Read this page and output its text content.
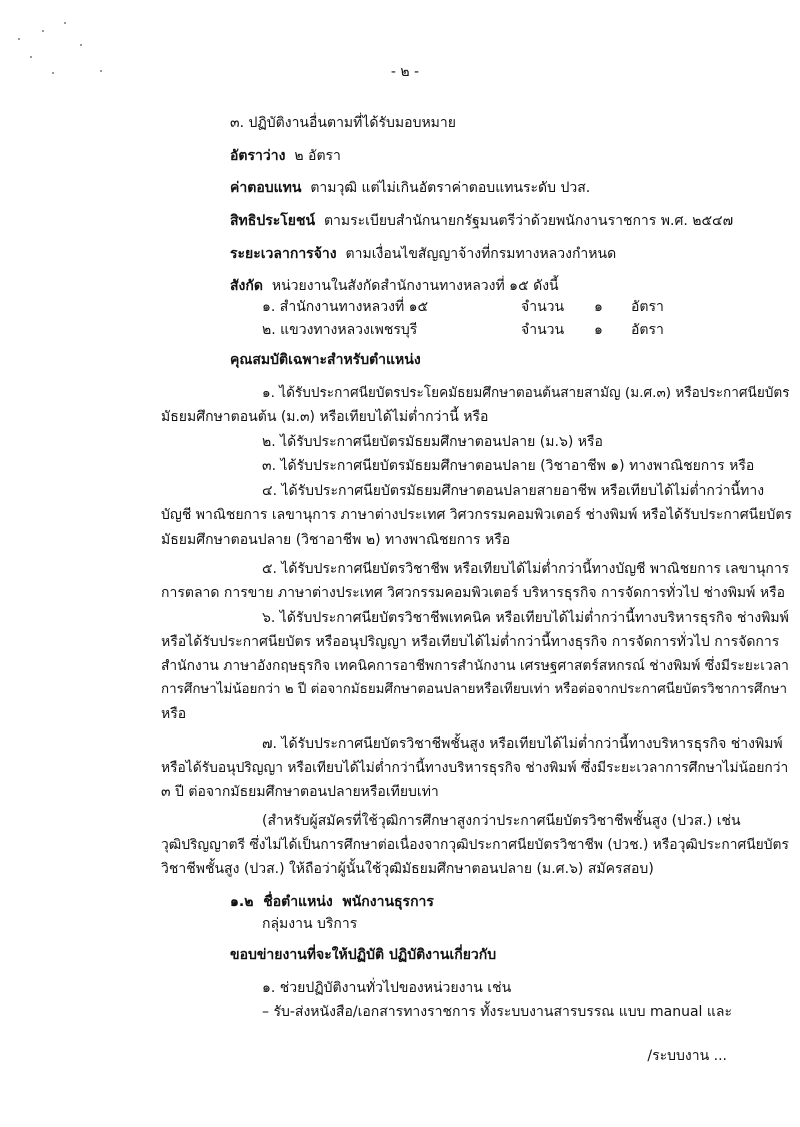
- ๒ -
๓. ปฏิบัติงานอื่นตามที่ได้รับมอบหมาย
อัตราว่าง ๒ อัตรา
ค่าตอบแทน ตามวุฒิ แต่ไม่เกินอัตราค่าตอบแทนระดับ ปวส.
สิทธิประโยชน์ ตามระเบียบสำนักนายกรัฐมนตรีว่าด้วยพนักงานราชการ พ.ศ. ๒๕๔๗
ระยะเวลาการจ้าง ตามเงื่อนไขสัญญาจ้างที่กรมทางหลวงกำหนด
สังกัด หน่วยงานในสังกัดสำนักงานทางหลวงที่ ๑๕ ดังนี้
๑. สำนักงานทางหลวงที่ ๑๕	จำนวน ๑ อัตรา
๒. แขวงทางหลวงเพชรบุรี	จำนวน ๑ อัตรา
คุณสมบัติเฉพาะสำหรับตำแหน่ง
๑. ได้รับประกาศนียบัตรประโยคมัธยมศึกษาตอนต้นสายสามัญ (ม.ศ.๓) หรือประกาศนียบัตร
มัธยมศึกษาตอนต้น (ม.๓) หรือเทียบได้ไม่ต่ำกว่านี้ หรือ
๒. ได้รับประกาศนียบัตรมัธยมศึกษาตอนปลาย (ม.๖) หรือ
๓. ได้รับประกาศนียบัตรมัธยมศึกษาตอนปลาย (วิชาอาชีพ ๑) ทางพาณิชยการ หรือ
๔. ได้รับประกาศนียบัตรมัธยมศึกษาตอนปลายสายอาชีพ หรือเทียบได้ไม่ต่ำกว่านี้ทาง
บัญชี พาณิชยการ เลขานุการ ภาษาต่างประเทศ วิศวกรรมคอมพิวเตอร์ ช่างพิมพ์ หรือได้รับประกาศนียบัตร
มัธยมศึกษาตอนปลาย (วิชาอาชีพ ๒) ทางพาณิชยการ หรือ
๕. ได้รับประกาศนียบัตรวิชาชีพ หรือเทียบได้ไม่ต่ำกว่านี้ทางบัญชี พาณิชยการ เลขานุการ
การตลาด การขาย ภาษาต่างประเทศ วิศวกรรมคอมพิวเตอร์ บริหารธุรกิจ การจัดการทั่วไป ช่างพิมพ์ หรือ
๖. ได้รับประกาศนียบัตรวิชาชีพเทคนิค หรือเทียบได้ไม่ต่ำกว่านี้ทางบริหารธุรกิจ ช่างพิมพ์
หรือได้รับประกาศนียบัตร หรืออนุปริญญา หรือเทียบได้ไม่ต่ำกว่านี้ทางธุรกิจ การจัดการทั่วไป การจัดการ
สำนักงาน ภาษาอังกฤษธุรกิจ เทคนิคการอาชีพการสำนักงาน เศรษฐศาสตร์สหกรณ์ ช่างพิมพ์ ซึ่งมีระยะเวลา
การศึกษาไม่น้อยกว่า ๒ ปี ต่อจากมัธยมศึกษาตอนปลายหรือเทียบเท่า หรือต่อจากประกาศนียบัตรวิชาการศึกษา
หรือ
๗. ได้รับประกาศนียบัตรวิชาชีพชั้นสูง หรือเทียบได้ไม่ต่ำกว่านี้ทางบริหารธุรกิจ ช่างพิมพ์
หรือได้รับอนุปริญญา หรือเทียบได้ไม่ต่ำกว่านี้ทางบริหารธุรกิจ ช่างพิมพ์ ซึ่งมีระยะเวลาการศึกษาไม่น้อยกว่า
๓ ปี ต่อจากมัธยมศึกษาตอนปลายหรือเทียบเท่า
(สำหรับผู้สมัครที่ใช้วุฒิการศึกษาสูงกว่าประกาศนียบัตรวิชาชีพชั้นสูง (ปวส.) เช่น
วุฒิปริญญาตรี ซึ่งไม่ได้เป็นการศึกษาต่อเนื่องจากวุฒิประกาศนียบัตรวิชาชีพ (ปวช.) หรือวุฒิประกาศนียบัตร
วิชาชีพชั้นสูง (ปวส.) ให้ถือว่าผู้นั้นใช้วุฒิมัธยมศึกษาตอนปลาย (ม.ศ.๖) สมัครสอบ)
๑.๒ ชื่อตำแหน่ง พนักงานธุรการ
กลุ่มงาน บริการ
ขอบข่ายงานที่จะให้ปฏิบัติ ปฏิบัติงานเกี่ยวกับ
๑. ช่วยปฏิบัติงานทั่วไปของหน่วยงาน เช่น
– รับ-ส่งหนังสือ/เอกสารทางราชการ ทั้งระบบงานสารบรรณ แบบ manual และ
/ระบบงาน ...
